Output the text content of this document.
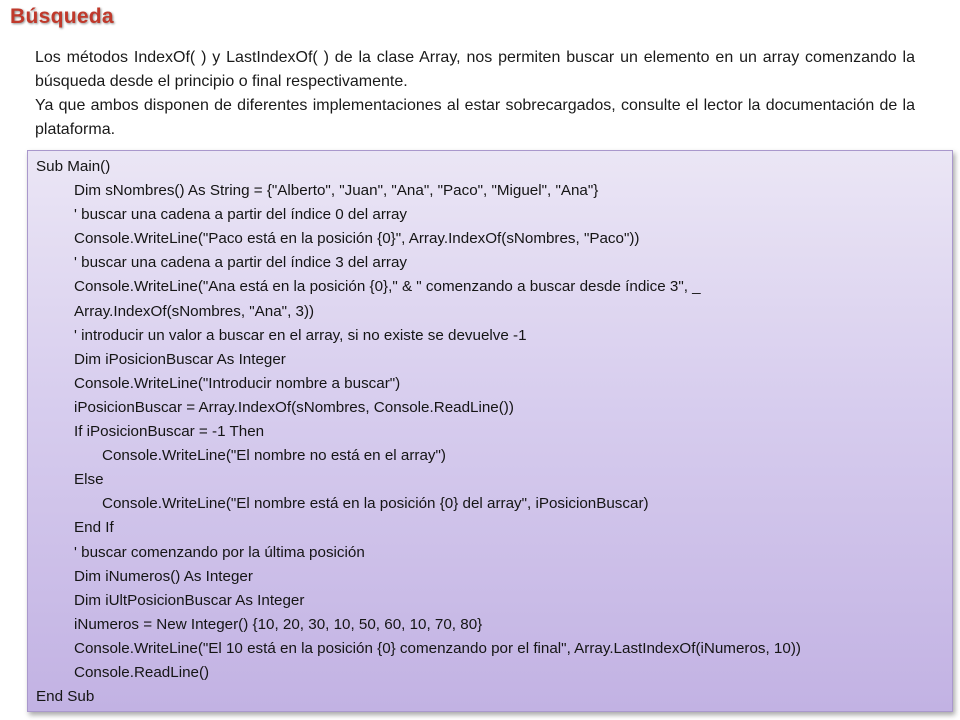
Búsqueda

Los métodos IndexOf( ) y LastIndexOf( ) de la clase Array, nos permiten buscar un elemento en un array comenzando la búsqueda desde el principio o final respectivamente.

Ya que ambos disponen de diferentes implementaciones al estar sobrecargados, consulte el lector la documentación de la plataforma.

Sub Main()
Dim sNombres() As String = {"Alberto", "Juan", "Ana", "Paco", "Miguel", "Ana"}
' buscar una cadena a partir del índice 0 del array
Console.WriteLine("Paco está en la posición {0}", Array.IndexOf(sNombres, "Paco"))
' buscar una cadena a partir del índice 3 del array
Console.WriteLine("Ana está en la posición {0}," & " comenzando a buscar desde índice 3", _
Array.IndexOf(sNombres, "Ana", 3))
' introducir un valor a buscar en el array, si no existe se devuelve -1
Dim iPosicionBuscar As Integer
Console.WriteLine("Introducir nombre a buscar")
iPosicionBuscar = Array.IndexOf(sNombres, Console.ReadLine())
If iPosicionBuscar = -1 Then
Console.WriteLine("El nombre no está en el array")
Else
Console.WriteLine("El nombre está en la posición {0} del array", iPosicionBuscar)
End If
' buscar comenzando por la última posición
Dim iNumeros() As Integer
Dim iUltPosicionBuscar As Integer
iNumeros = New Integer() {10, 20, 30, 10, 50, 60, 10, 70, 80}
Console.WriteLine("El 10 está en la posición {0} comenzando por el final", Array.LastIndexOf(iNumeros, 10))
Console.ReadLine()
End Sub
